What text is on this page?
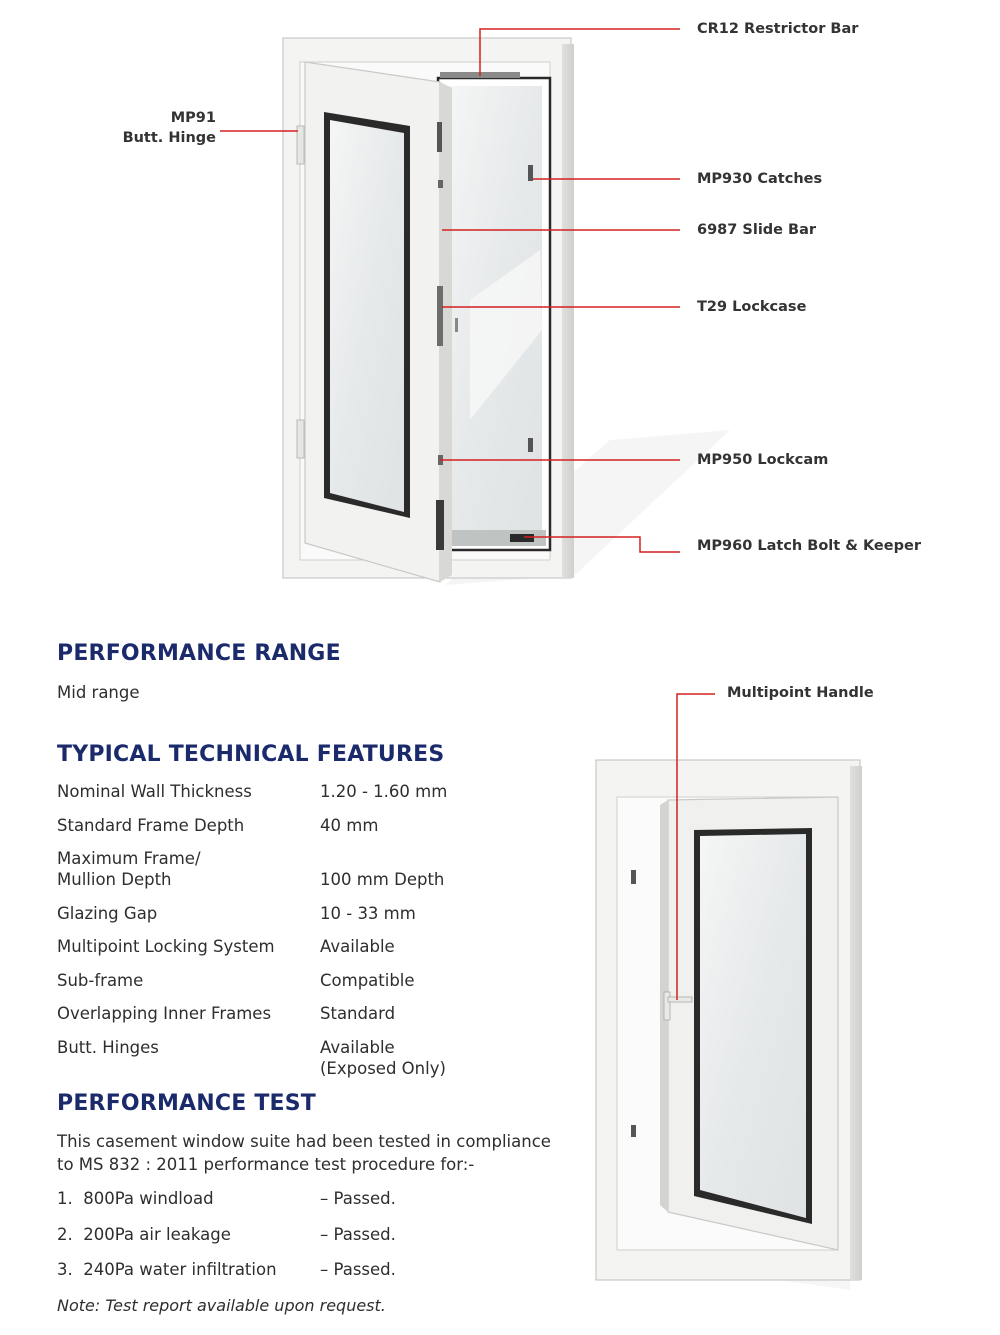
CR12 Restrictor Bar
MP91
Butt. Hinge
MP930 Catches
6987 Slide Bar
T29 Lockcase
MP950 Lockcam
MP960 Latch Bolt & Keeper
Multipoint Handle
PERFORMANCE RANGE
Mid range
TYPICAL TECHNICAL FEATURES
Nominal Wall Thickness	1.20 - 1.60 mm
Standard Frame Depth	40 mm
Maximum Frame/
Mullion Depth	100 mm Depth
Glazing Gap	10 - 33 mm
Multipoint Locking System	Available
Sub-frame	Compatible
Overlapping Inner Frames	Standard
Butt. Hinges	Available
(Exposed Only)
PERFORMANCE TEST
This casement window suite had been tested in compliance
to MS 832 : 2011 performance test procedure for:-
1.  800Pa windload	– Passed.
2.  200Pa air leakage	– Passed.
3.  240Pa water infiltration	– Passed.
Note: Test report available upon request.
